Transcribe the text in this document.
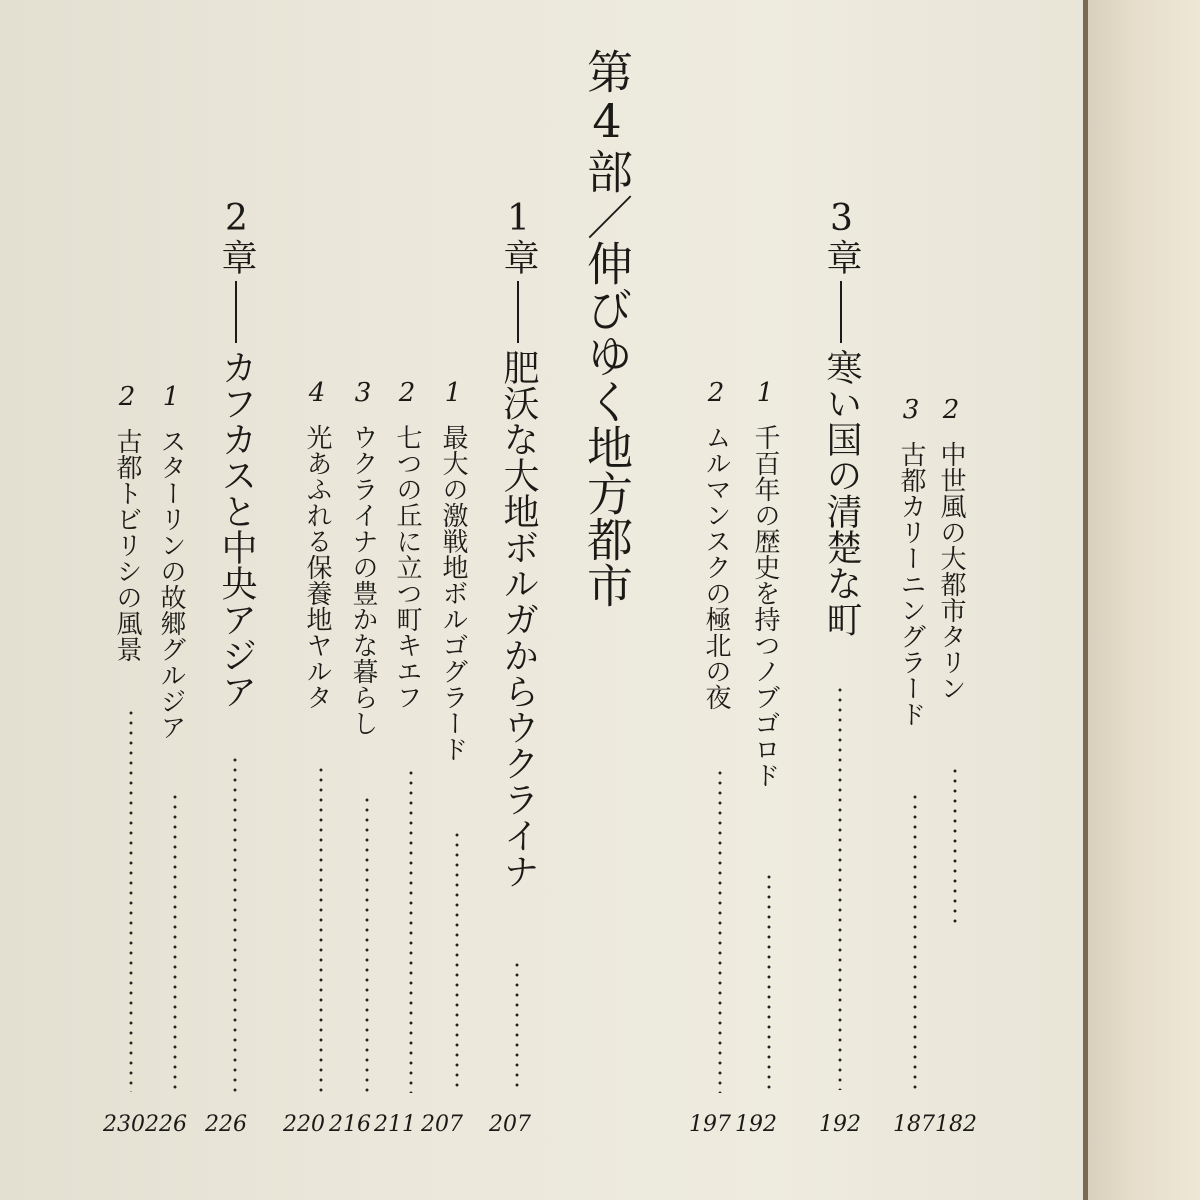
第4部／伸びゆく地方都市	2中世風の大都市タリン
182
3古都カリーニングラード
187
3章寒い国の清楚な町
192
1千百年の歴史を持つノブゴロド
192
2ムルマンスクの極北の夜
197
1章肥沃な大地ボルガからウクライナ
207
1最大の激戦地ボルゴグラード
207
2七つの丘に立つ町キエフ
211
3ウクライナの豊かな暮らし
216
4光あふれる保養地ヤルタ
220
2章カフカスと中央アジア
226
1スターリンの故郷グルジア
226
2古都トビリシの風景
230
